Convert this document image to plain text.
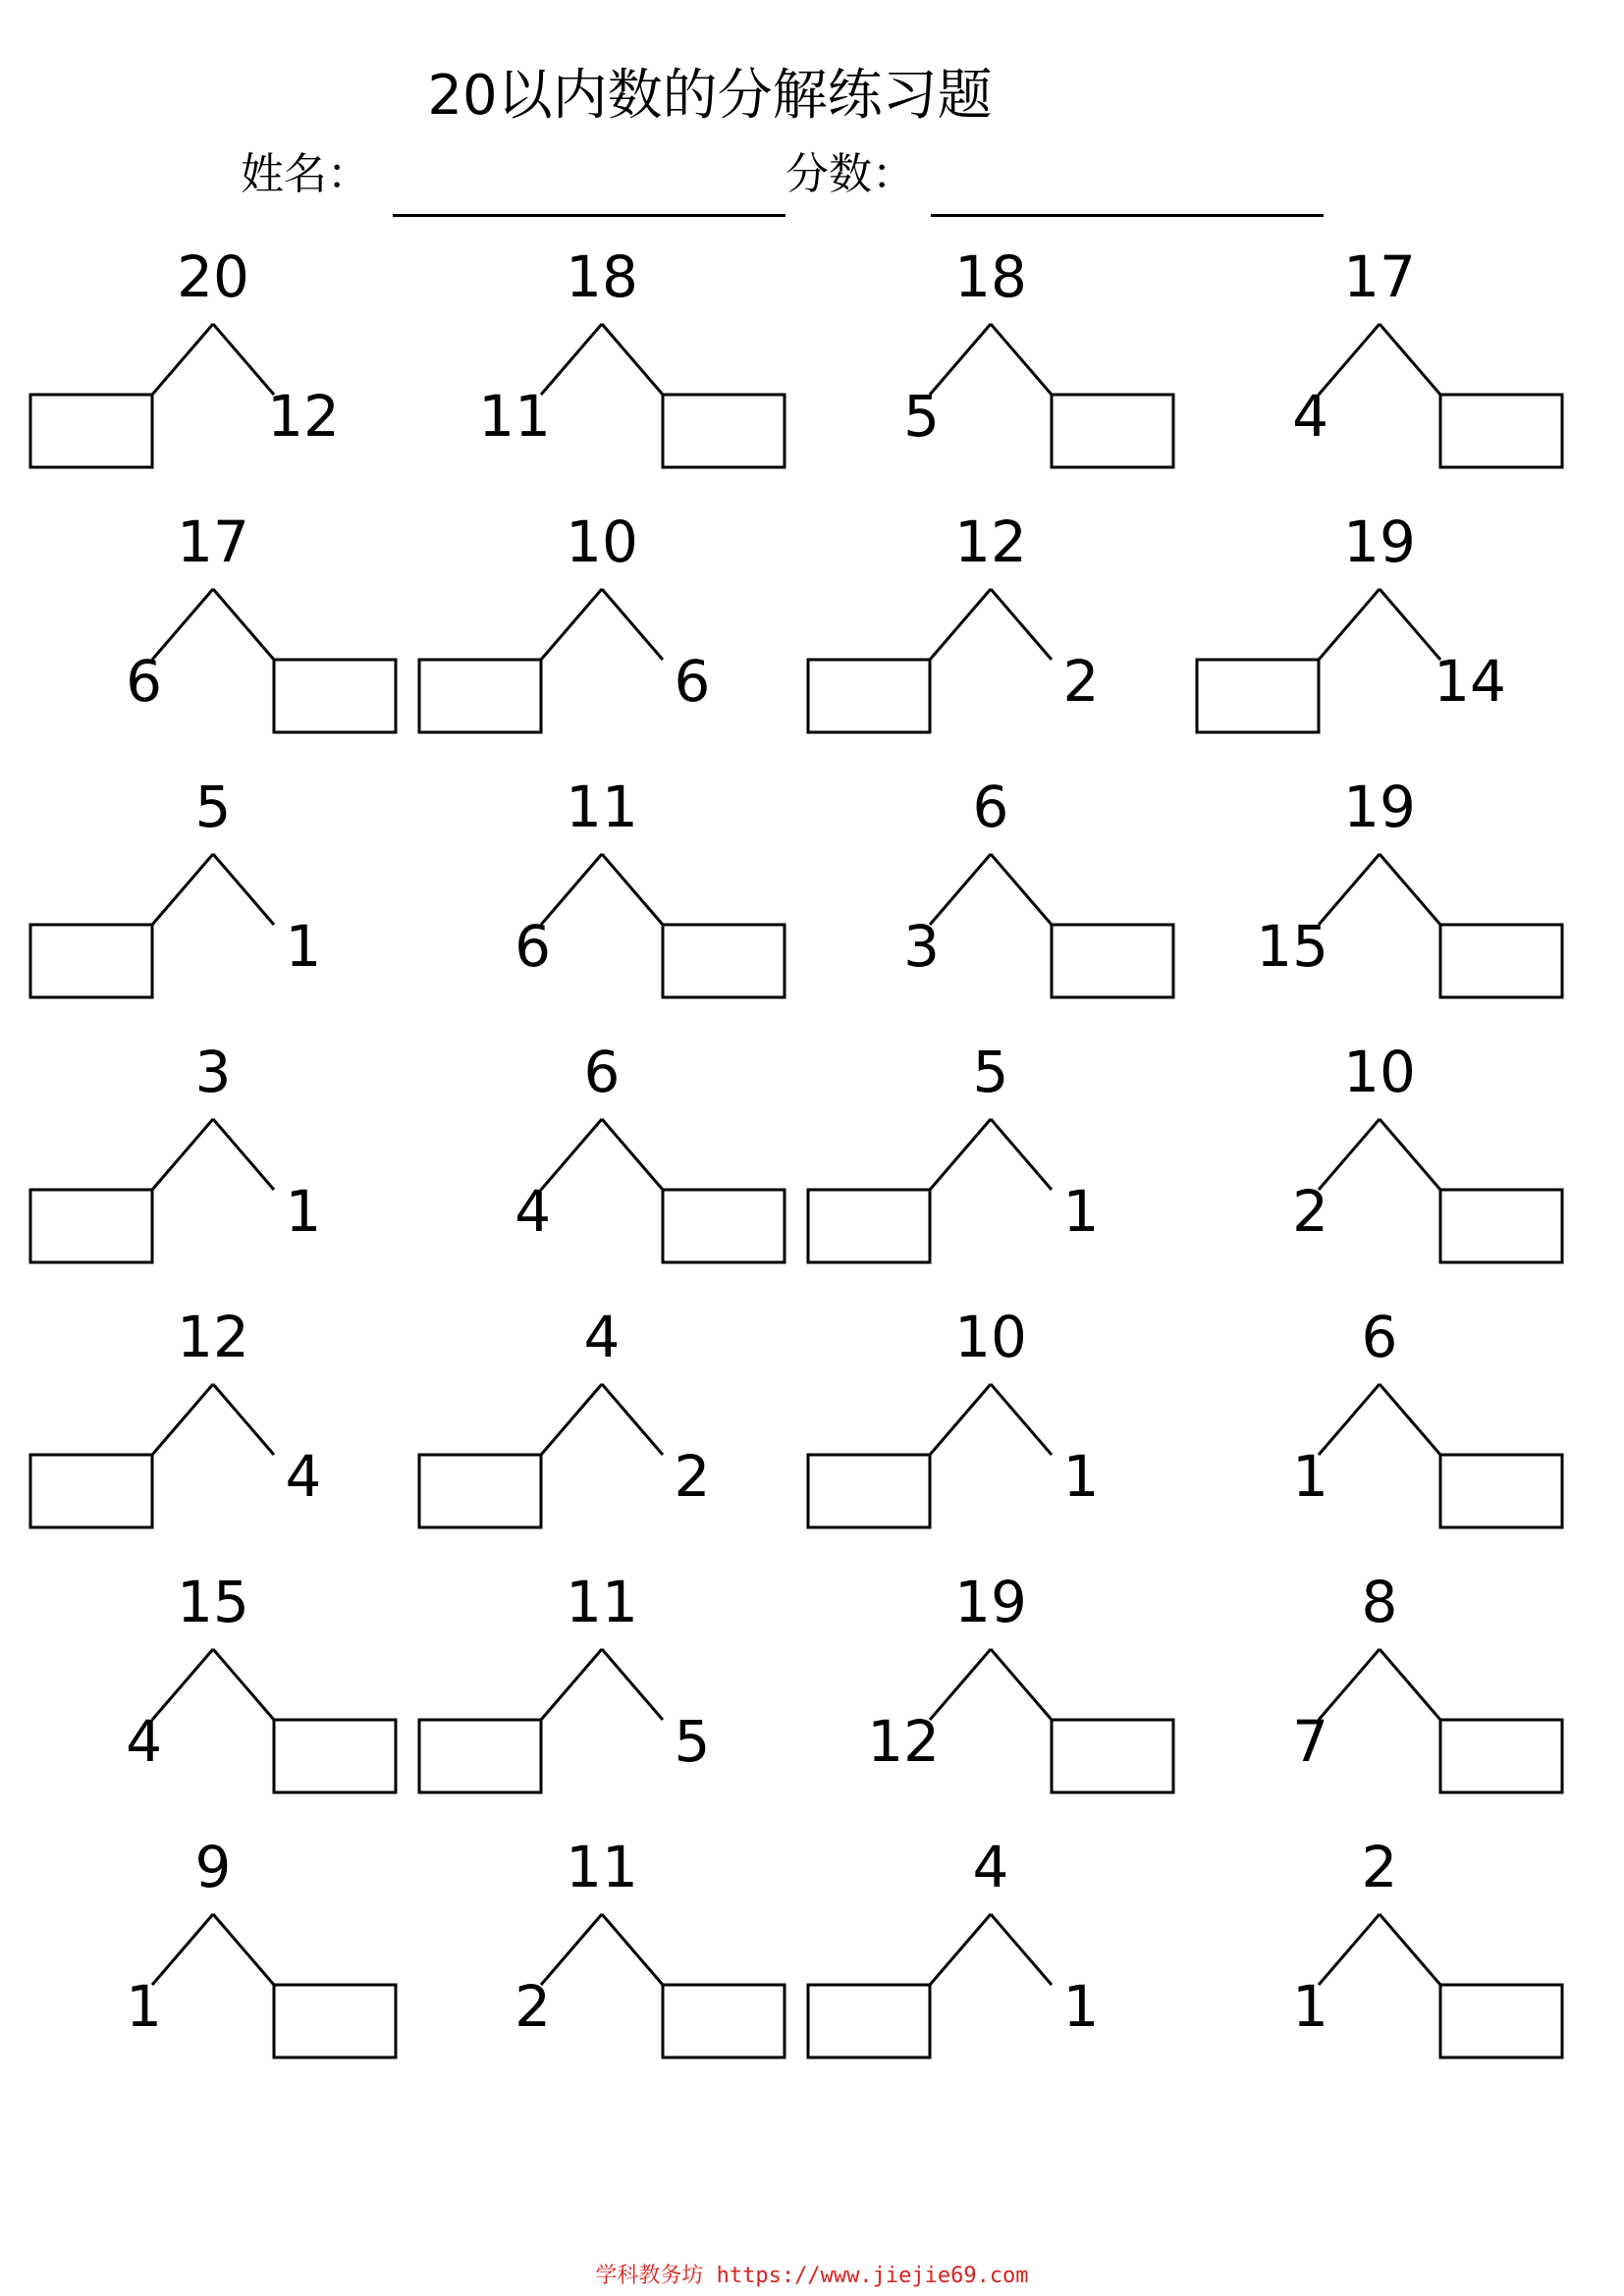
20以内数的分解练习题
姓名：	分数：
20
12
18
11
18
5
17
4
17
6
10
6
12
2
19
14
5
1
11
6
6
3
19
15
3
1
6
4
5
1
10
2
12
4
4
2
10
1
6
1
15
4
11
5
19
12
8
7
9
1
11
2
4
1
2
1
学科教务坊 https://www.jiejie69.com
